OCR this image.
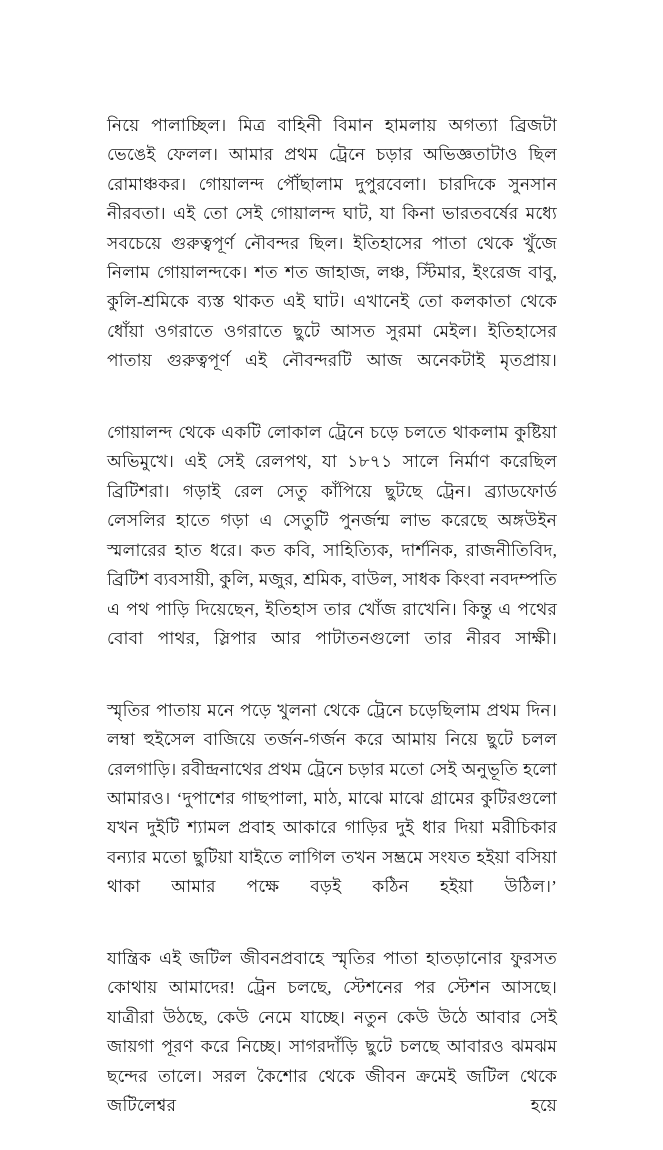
নিয়ে পালাচ্ছিল। মিত্র বাহিনী বিমান হামলায় অগত্যা ব্রিজটা ভেঙেই ফেলল। আমার প্রথম ট্রেনে চড়ার অভিজ্ঞতাটাও ছিল রোমাঞ্চকর। গোয়ালন্দ পৌঁছালাম দুপুরবেলা। চারদিকে সুনসান নীরবতা। এই তো সেই গোয়ালন্দ ঘাট, যা কিনা ভারতবর্ষের মধ্যে সবচেয়ে গুরুত্বপূর্ণ নৌবন্দর ছিল। ইতিহাসের পাতা থেকে খুঁজে নিলাম গোয়ালন্দকে। শত শত জাহাজ, লঞ্চ, স্টিমার, ইংরেজ বাবু, কুলি-শ্রমিকে ব্যস্ত থাকত এই ঘাট। এখানেই তো কলকাতা থেকে ধোঁয়া ওগরাতে ওগরাতে ছুটে আসত সুরমা মেইল। ইতিহাসের পাতায় গুরুত্বপূর্ণ এই নৌবন্দরটি আজ অনেকটাই মৃতপ্রায়।

গোয়ালন্দ থেকে একটি লোকাল ট্রেনে চড়ে চলতে থাকলাম কুষ্টিয়া অভিমুখে। এই সেই রেলপথ, যা ১৮৭১ সালে নির্মাণ করেছিল ব্রিটিশরা। গড়াই রেল সেতু কাঁপিয়ে ছুটছে ট্রেন। ব্র্যাডফোর্ড লেসলির হাতে গড়া এ সেতুটি পুনর্জন্ম লাভ করেছে অঙ্গউইন স্মলারের হাত ধরে। কত কবি, সাহিত্যিক, দার্শনিক, রাজনীতিবিদ, ব্রিটিশ ব্যবসায়ী, কুলি, মজুর, শ্রমিক, বাউল, সাধক কিংবা নবদম্পতি এ পথ পাড়ি দিয়েছেন, ইতিহাস তার খোঁজ রাখেনি। কিন্তু এ পথের বোবা পাথর, স্লিপার আর পাটাতনগুলো তার নীরব সাক্ষী।

স্মৃতির পাতায় মনে পড়ে খুলনা থেকে ট্রেনে চড়েছিলাম প্রথম দিন। লম্বা হুইসেল বাজিয়ে তর্জন-গর্জন করে আমায় নিয়ে ছুটে চলল রেলগাড়ি। রবীন্দ্রনাথের প্রথম ট্রেনে চড়ার মতো সেই অনুভূতি হলো আমারও। ‘দুপাশের গাছপালা, মাঠ, মাঝে মাঝে গ্রামের কুটিরগুলো যখন দুইটি শ্যামল প্রবাহ আকারে গাড়ির দুই ধার দিয়া মরীচিকার বন্যার মতো ছুটিয়া যাইতে লাগিল তখন সম্ভ্রমে সংযত হইয়া বসিয়া থাকা আমার পক্ষে বড়ই কঠিন হইয়া উঠিল।’

যান্ত্রিক এই জটিল জীবনপ্রবাহে স্মৃতির পাতা হাতড়ানোর ফুরসত কোথায় আমাদের! ট্রেন চলছে, স্টেশনের পর স্টেশন আসছে। যাত্রীরা উঠছে, কেউ নেমে যাচ্ছে। নতুন কেউ উঠে আবার সেই জায়গা পূরণ করে নিচ্ছে। সাগরদাঁড়ি ছুটে চলছে আবারও ঝমঝম ছন্দের তালে। সরল কৈশোর থেকে জীবন ক্রমেই জটিল থেকে জটিলেশ্বর হয়ে
